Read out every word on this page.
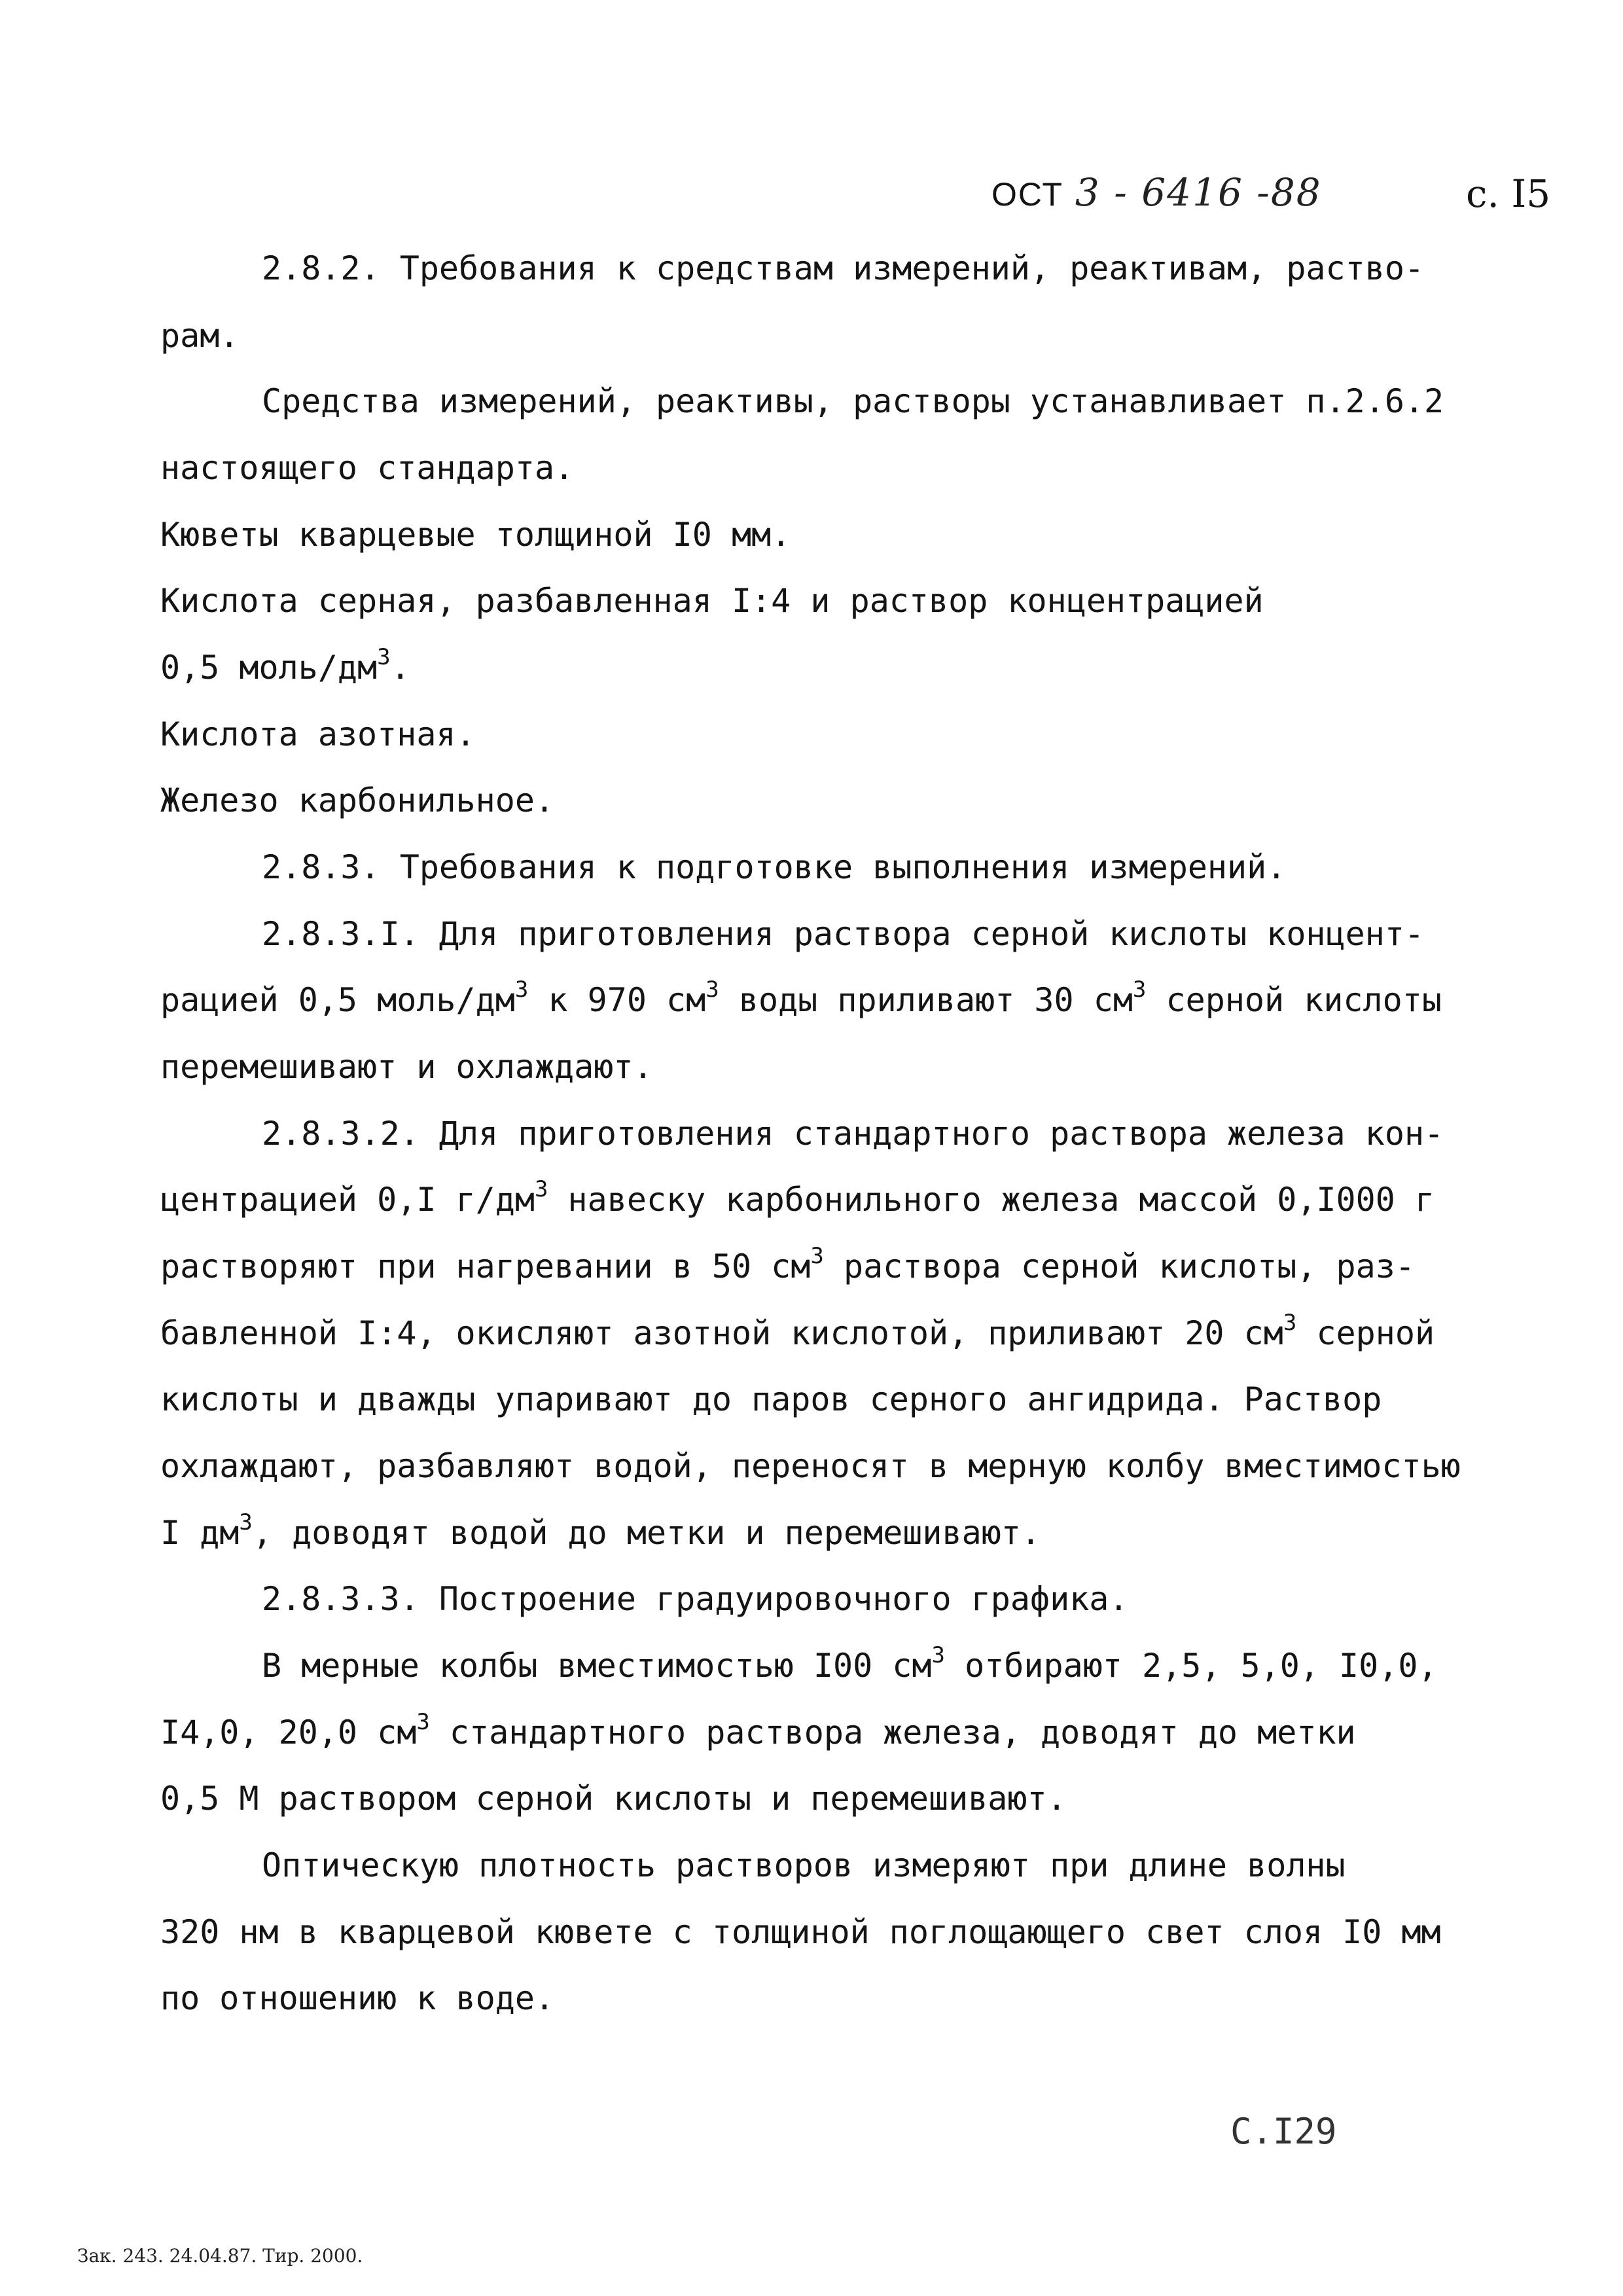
ОСТ 3 - 6416 -88	с. I5
2.8.2. Требования к средствам измерений, реактивам, раство-
рам.
Средства измерений, реактивы, растворы устанавливает п.2.6.2
настоящего стандарта.
Кюветы кварцевые толщиной I0 мм.
Кислота серная, разбавленная I:4 и раствор концентрацией
0,5 моль/$дм^3$.
Кислота азотная.
Железо карбонильное.
2.8.3. Требования к подготовке выполнения измерений.
2.8.3.I. Для приготовления раствора серной кислоты концент-
рацией 0,5 моль/$дм^3$ к 970 $см^3$ воды приливают 30 $см^3$ серной кислоты
перемешивают и охлаждают.
2.8.3.2. Для приготовления стандартного раствора железа кон-
центрацией 0,I $г/дм^3$ навеску карбонильного железа массой 0,I000 г
растворяют при нагревании в 50 $см^3$ раствора серной кислоты, раз-
бавленной I:4, окисляют азотной кислотой, приливают 20 $см^3$ серной
кислоты и дважды упаривают до паров серного ангидрида. Раствор
охлаждают, разбавляют водой, переносят в мерную колбу вместимостью
I $дм^3$, доводят водой до метки и перемешивают.
2.8.3.3. Построение градуировочного графика.
В мерные колбы вместимостью I00 $см^3$ отбирают 2,5, 5,0, I0,0,
I4,0, 20,0 $см^3$ стандартного раствора железа, доводят до метки
0,5 М раствором серной кислоты и перемешивают.
Оптическую плотность растворов измеряют при длине волны
320 нм в кварцевой кювете с толщиной поглощающего свет слоя I0 мм
по отношению к воде.
С.I29
Зак. 243. 24.04.87. Тир. 2000.
